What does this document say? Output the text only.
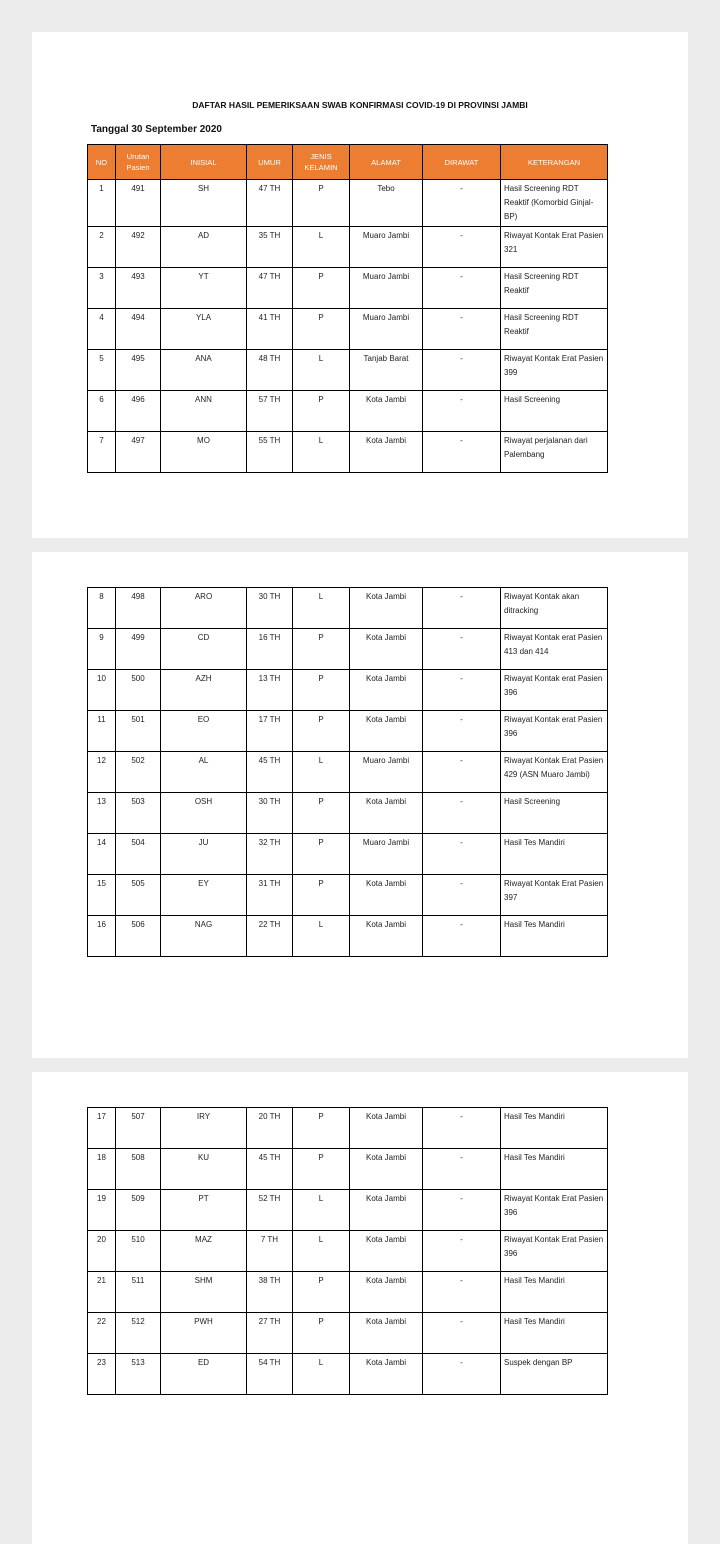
DAFTAR HASIL PEMERIKSAAN SWAB KONFIRMASI COVID-19 DI PROVINSI JAMBI
Tanggal 30 September 2020
NO	Urutan Pasien	INISIAL	UMUR	JENIS KELAMIN	ALAMAT	DIRAWAT	KETERANGAN
1	491	SH	47 TH	P	Tebo	-	Hasil Screening RDT Reaktif (Komorbid Ginjal-BP)
2	492	AD	35 TH	L	Muaro Jambi	-	Riwayat Kontak Erat Pasien 321
3	493	YT	47 TH	P	Muaro Jambi	-	Hasil Screening RDT Reaktif
4	494	YLA	41 TH	P	Muaro Jambi	-	Hasil Screening RDT Reaktif
5	495	ANA	48 TH	L	Tanjab Barat	-	Riwayat Kontak Erat Pasien 399
6	496	ANN	57 TH	P	Kota Jambi	-	Hasil Screening
7	497	MO	55 TH	L	Kota Jambi	-	Riwayat perjalanan dari Palembang
8	498	ARO	30 TH	L	Kota Jambi	-	Riwayat Kontak akan ditracking
9	499	CD	16 TH	P	Kota Jambi	-	Riwayat Kontak erat Pasien 413 dan 414
10	500	AZH	13 TH	P	Kota Jambi	-	Riwayat Kontak erat Pasien 396
11	501	EO	17 TH	P	Kota Jambi	-	Riwayat Kontak erat Pasien 396
12	502	AL	45 TH	L	Muaro Jambi	-	Riwayat Kontak Erat Pasien 429 (ASN Muaro Jambi)
13	503	OSH	30 TH	P	Kota Jambi	-	Hasil Screening
14	504	JU	32 TH	P	Muaro Jambi	-	Hasil Tes Mandiri
15	505	EY	31 TH	P	Kota Jambi	-	Riwayat Kontak Erat Pasien 397
16	506	NAG	22 TH	L	Kota Jambi	-	Hasil Tes Mandiri
17	507	IRY	20 TH	P	Kota Jambi	-	Hasil Tes Mandiri
18	508	KU	45 TH	P	Kota Jambi	-	Hasil Tes Mandiri
19	509	PT	52 TH	L	Kota Jambi	-	Riwayat Kontak Erat Pasien 396
20	510	MAZ	7 TH	L	Kota Jambi	-	Riwayat Kontak Erat Pasien 396
21	511	SHM	38 TH	P	Kota Jambi	-	Hasil Tes Mandiri
22	512	PWH	27 TH	P	Kota Jambi	-	Hasil Tes Mandiri
23	513	ED	54 TH	L	Kota Jambi	-	Suspek dengan BP
